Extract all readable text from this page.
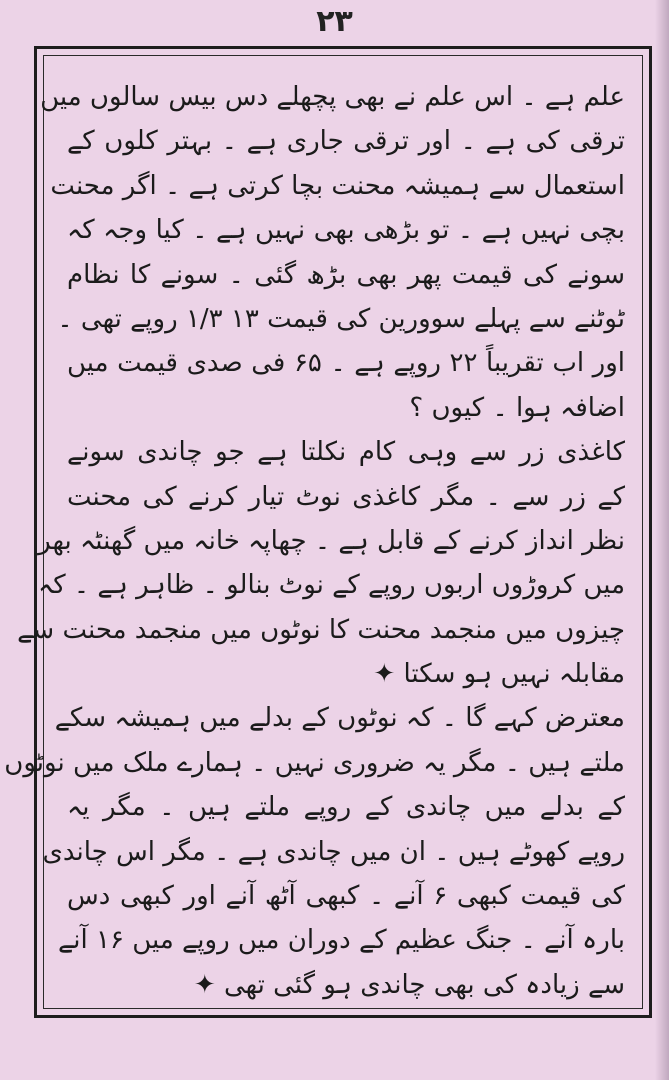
۲۳
علم ہے ۔ اس علم نے بھی پچھلے دس بیس سالوں میں
ترقی کی ہے ۔ اور ترقی جاری ہے ۔ بہتر کلوں کے
استعمال سے ہمیشہ محنت بچا کرتی ہے ۔ اگر محنت
بچی نہیں ہے ۔ تو بڑھی بھی نہیں ہے ۔ کیا وجہ کہ
سونے کی قیمت پھر بھی بڑھ گئی ۔ سونے کا نظام
ٹوٹنے سے پہلے سوورین کی قیمت ۱۳ ۱/۳ روپے تھی ۔
اور اب تقریباً ۲۲ روپے ہے ۔ ۶۵ فی صدی قیمت میں
اضافہ ہوا ۔ کیوں ؟
کاغذی زر سے وہی کام نکلتا ہے جو چاندی سونے
کے زر سے ۔ مگر کاغذی نوٹ تیار کرنے کی محنت
نظر انداز کرنے کے قابل ہے ۔ چھاپہ خانہ میں گھنٹہ بھر
میں کروڑوں اربوں روپے کے نوٹ بنالو ۔ ظاہر ہے ۔ کہ
چیزوں میں منجمد محنت کا نوٹوں میں منجمد محنت سے
مقابلہ نہیں ہو سکتا ✦
معترض کہے گا ۔ کہ نوٹوں کے بدلے میں ہمیشہ سکے
ملتے ہیں ۔ مگر یہ ضروری نہیں ۔ ہمارے ملک میں نوٹوں
کے بدلے میں چاندی کے روپے ملتے ہیں ۔ مگر یہ
روپے کھوٹے ہیں ۔ ان میں چاندی ہے ۔ مگر اس چاندی
کی قیمت کبھی ۶ آنے ۔ کبھی آٹھ آنے اور کبھی دس
بارہ آنے ۔ جنگ عظیم کے دوران میں روپے میں ۱۶ آنے
سے زیادہ کی بھی چاندی ہو گئی تھی ✦
